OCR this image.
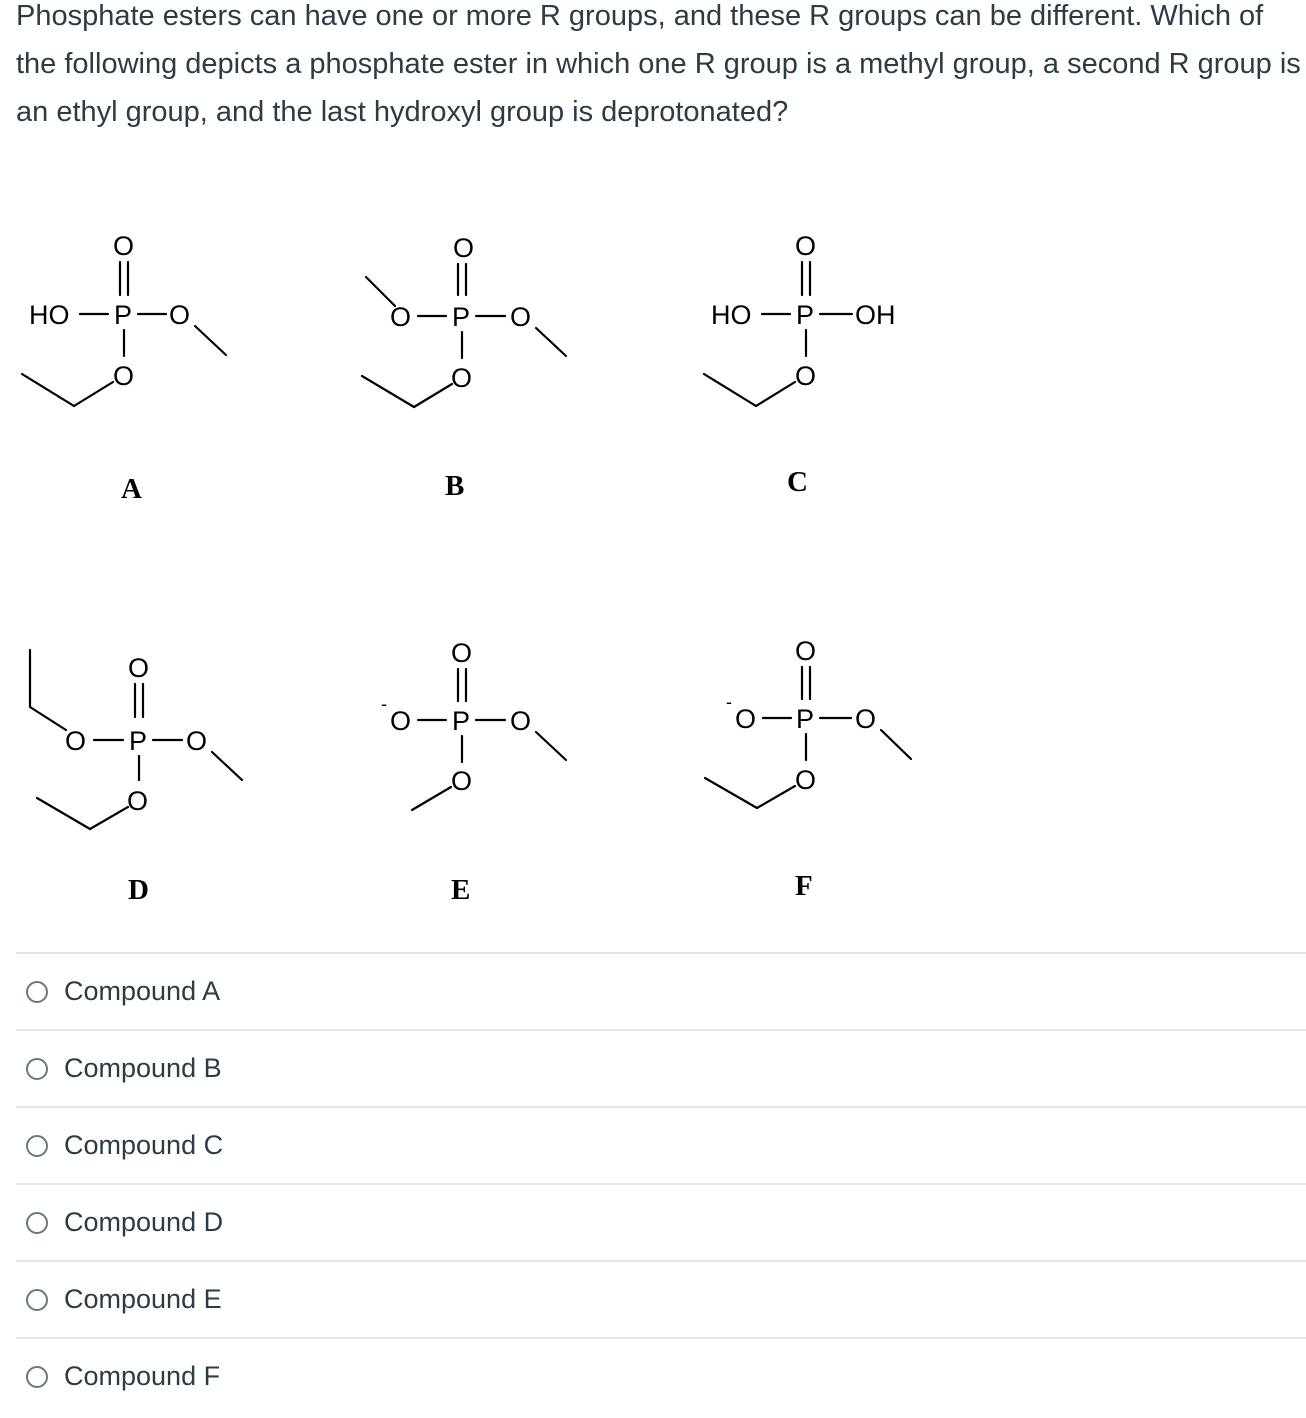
Phosphate esters can have one or more R groups, and these R groups can be different. Which of the following depicts a phosphate ester in which one R group is a methyl group, a second R group is an ethyl group, and the last hydroxyl group is deprotonated?
O
HO P O
O
A
O
O P O
O
B
O
HO P OH
O
C
O
O P O
O
D
O
-
O P O
O
E
O
-
O P O
O
F
Compound A
Compound B
Compound C
Compound D
Compound E
Compound F
